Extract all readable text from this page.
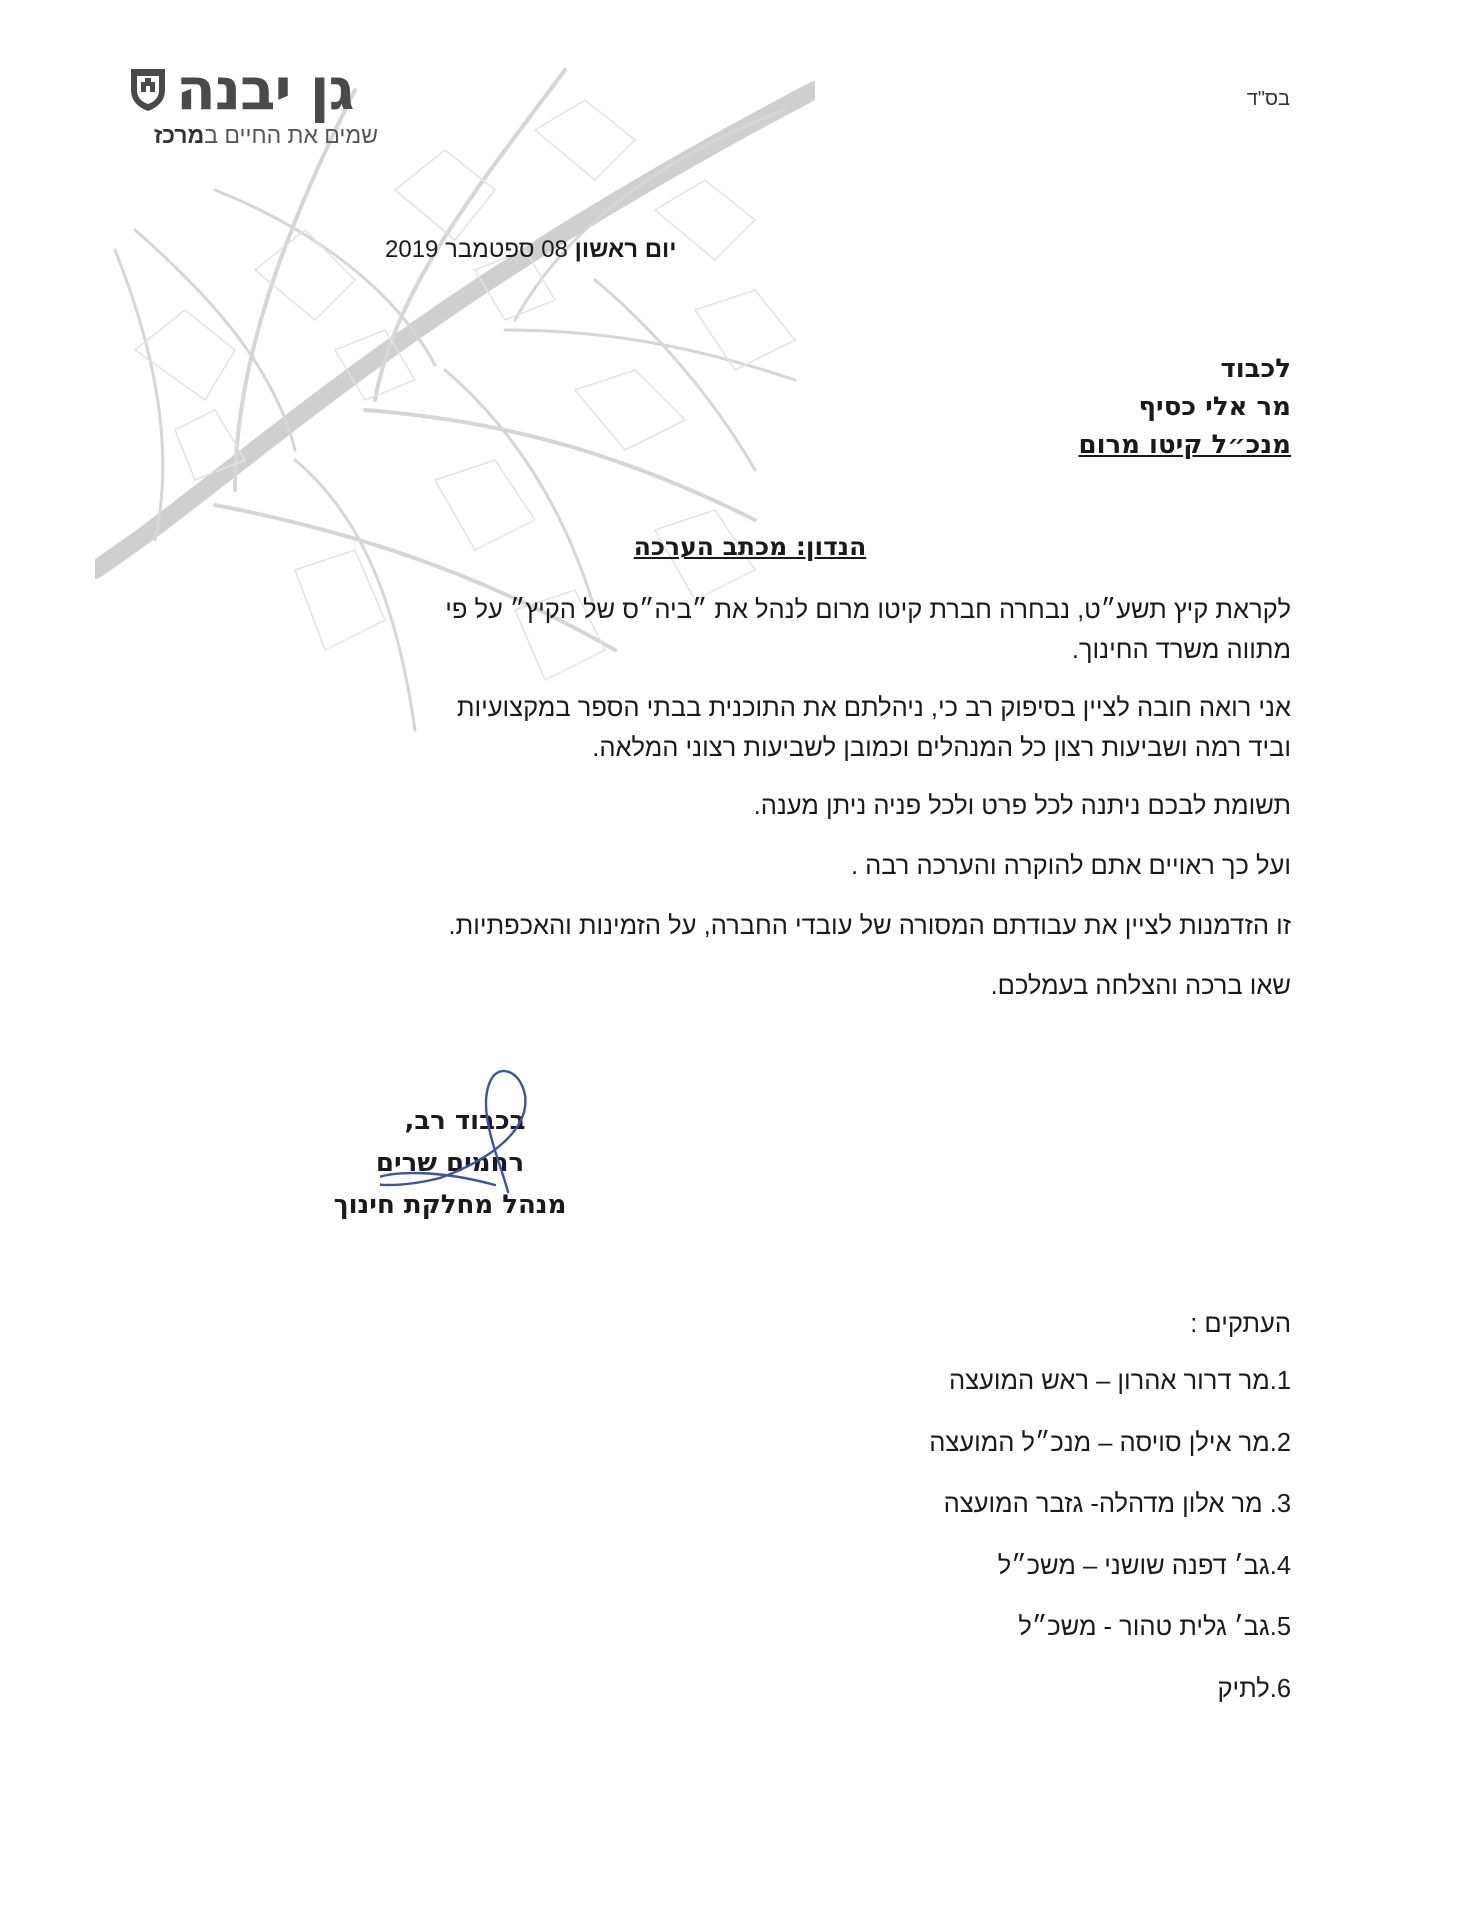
בס"ד
גן יבנה
שמים את החיים במרכז
יום ראשון 08 ספטמבר 2019
לכבוד
מר אלי כסיף
מנכ״ל קיטו מרום
הנדון: מכתב הערכה

לקראת קיץ תשע״ט, נבחרה חברת קיטו מרום לנהל את ״ביה״ס של הקיץ״ על פי
מתווה משרד החינוך.

אני רואה חובה לציין בסיפוק רב כי, ניהלתם את התוכנית בבתי הספר במקצועיות
וביד רמה ושביעות רצון כל המנהלים וכמובן לשביעות רצוני המלאה.

תשומת לבכם ניתנה לכל פרט ולכל פניה ניתן מענה.

ועל כך ראויים אתם להוקרה והערכה רבה .

זו הזדמנות לציין את עבודתם המסורה של עובדי החברה, על הזמינות והאכפתיות.

שאו ברכה והצלחה בעמלכם.

בכבוד רב,
רחמים שרים
מנהל מחלקת חינוך
העתקים :
1.מר דרור אהרון – ראש המועצה
2.מר אילן סויסה – מנכ״ל המועצה
3. מר אלון מדהלה- גזבר המועצה
4.גב׳ דפנה שושני – משכ״ל
5.גב׳ גלית טהור - משכ״ל
6.לתיק
